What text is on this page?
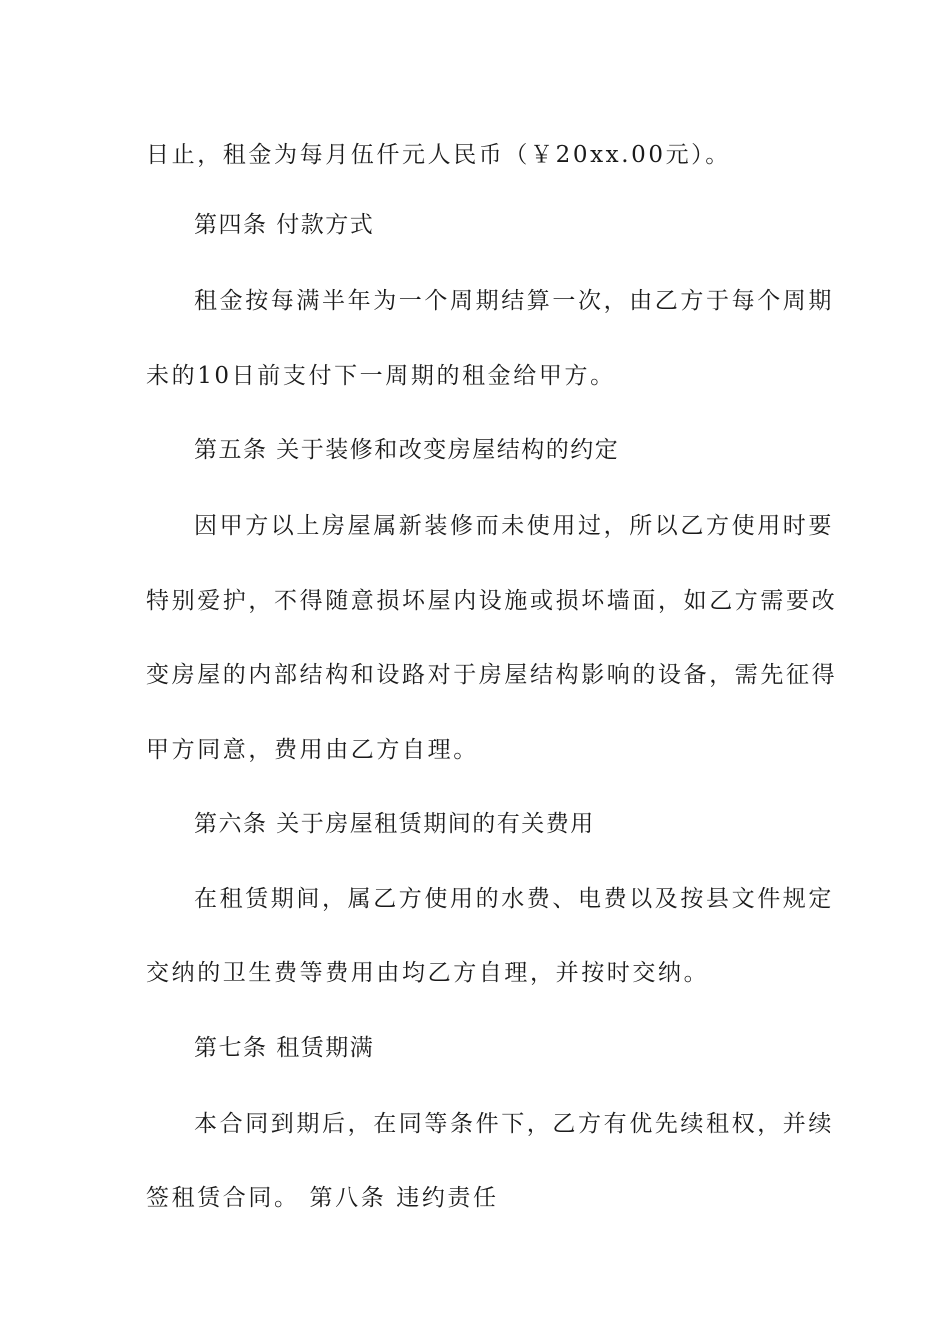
日止，租金为每月伍仟元人民币（￥20xx.00元）。
第四条 付款方式
租金按每满半年为一个周期结算一次，由乙方于每个周期
未的10日前支付下一周期的租金给甲方。
第五条 关于装修和改变房屋结构的约定
因甲方以上房屋属新装修而未使用过，所以乙方使用时要
特别爱护，不得随意损坏屋内设施或损坏墙面，如乙方需要改
变房屋的内部结构和设路对于房屋结构影响的设备，需先征得
甲方同意，费用由乙方自理。
第六条 关于房屋租赁期间的有关费用
在租赁期间，属乙方使用的水费、电费以及按县文件规定
交纳的卫生费等费用由均乙方自理，并按时交纳。
第七条 租赁期满
本合同到期后，在同等条件下，乙方有优先续租权，并续
签租赁合同。 第八条 违约责任
